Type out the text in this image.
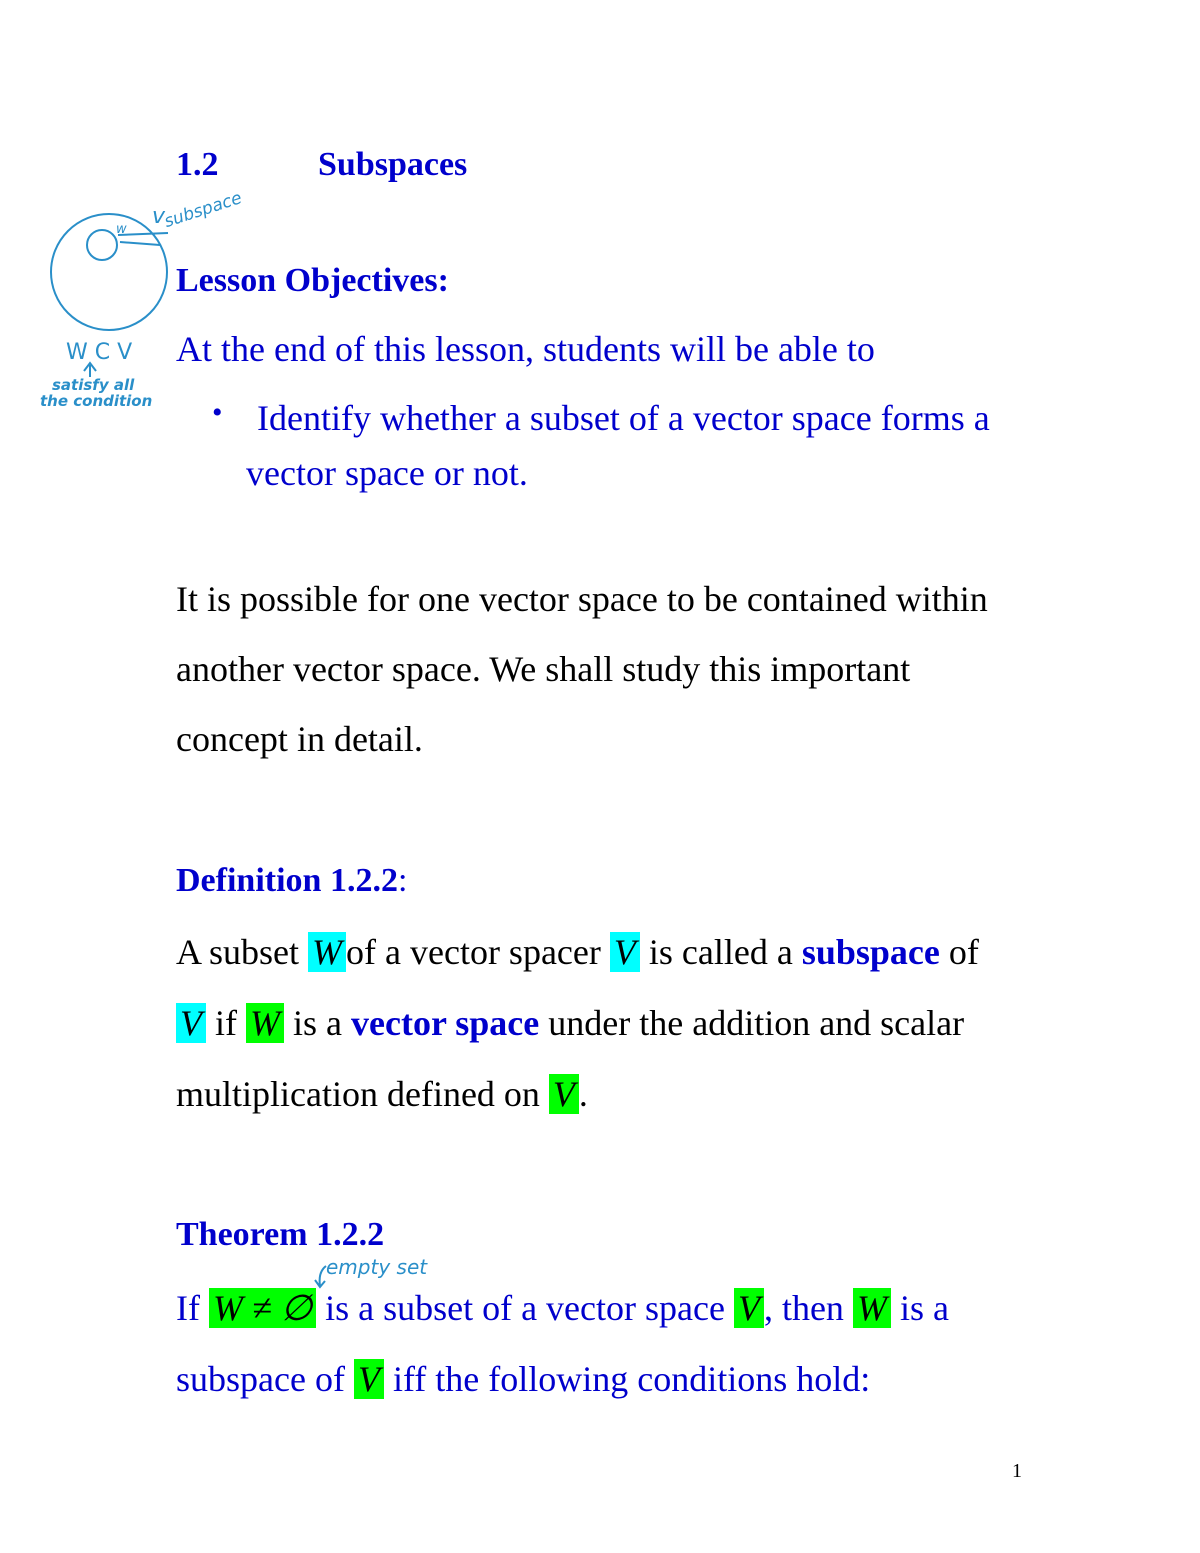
1.2	Subspaces
w
v
subspace
W C V
satisfy all
the condition
Lesson Objectives:
At the end of this lesson, students will be able to
• Identify whether a subset of a vector space forms a
vector space or not.
It is possible for one vector space to be contained within
another vector space. We shall study this important
concept in detail.
Definition 1.2.2:
A subset W of a vector spacer V is called a subspace of
V if W is a vector space under the addition and scalar
multiplication defined on V .
Theorem 1.2.2
empty set
If W ≠ ∅ is a subset of a vector space V , then W is a
subspace of V iff the following conditions hold:
1
